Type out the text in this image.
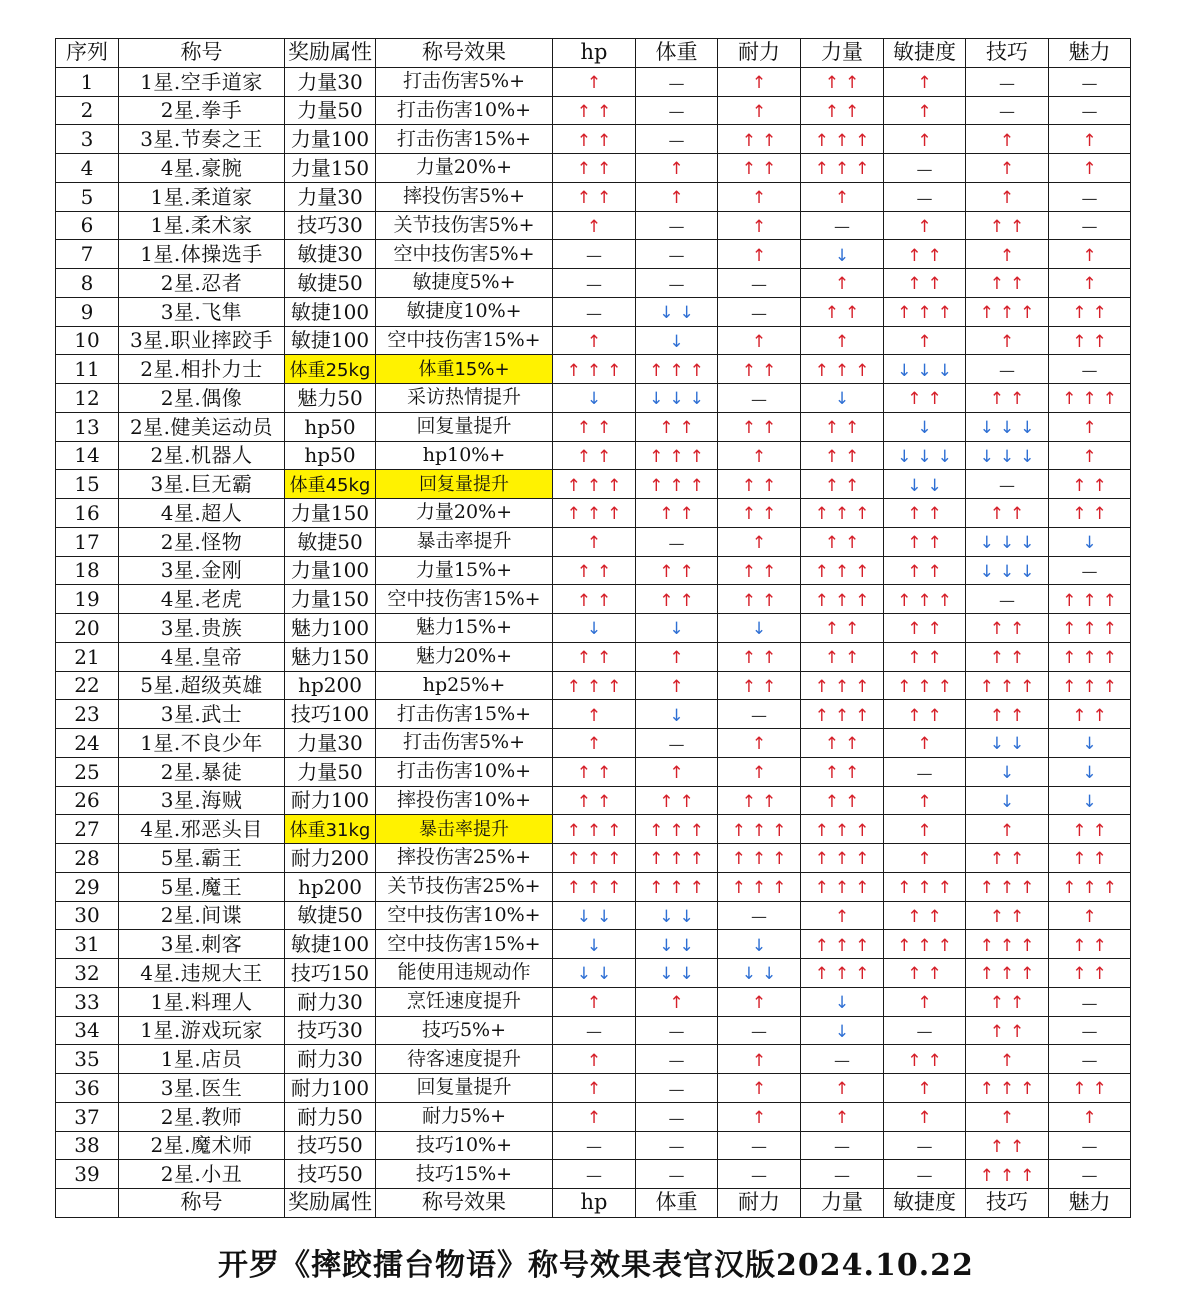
序列	称号	奖励属性	称号效果	hp	体重	耐力	力量	敏捷度	技巧	魅力
1	1星.空手道家	力量30	打击伤害5%+	↑	—	↑	↑ ↑	↑	—	—
2	2星.拳手	力量50	打击伤害10%+	↑ ↑	—	↑	↑ ↑	↑	—	—
3	3星.节奏之王	力量100	打击伤害15%+	↑ ↑	—	↑ ↑	↑ ↑ ↑	↑	↑	↑
4	4星.豪腕	力量150	力量20%+	↑ ↑	↑	↑ ↑	↑ ↑ ↑	—	↑	↑
5	1星.柔道家	力量30	摔投伤害5%+	↑ ↑	↑	↑	↑	—	↑	—
6	1星.柔术家	技巧30	关节技伤害5%+	↑	—	↑	—	↑	↑ ↑	—
7	1星.体操选手	敏捷30	空中技伤害5%+	—	—	↑	↓	↑ ↑	↑	↑
8	2星.忍者	敏捷50	敏捷度5%+	—	—	—	↑	↑ ↑	↑ ↑	↑
9	3星.飞隼	敏捷100	敏捷度10%+	—	↓ ↓	—	↑ ↑	↑ ↑ ↑	↑ ↑ ↑	↑ ↑
10	3星.职业摔跤手	敏捷100	空中技伤害15%+	↑	↓	↑	↑	↑	↑	↑ ↑
11	2星.相扑力士	体重25kg	体重15%+	↑ ↑ ↑	↑ ↑ ↑	↑ ↑	↑ ↑ ↑	↓ ↓ ↓	—	—
12	2星.偶像	魅力50	采访热情提升	↓	↓ ↓ ↓	—	↓	↑ ↑	↑ ↑	↑ ↑ ↑
13	2星.健美运动员	hp50	回复量提升	↑ ↑	↑ ↑	↑ ↑	↑ ↑	↓	↓ ↓ ↓	↑
14	2星.机器人	hp50	hp10%+	↑ ↑	↑ ↑ ↑	↑	↑ ↑	↓ ↓ ↓	↓ ↓ ↓	↑
15	3星.巨无霸	体重45kg	回复量提升	↑ ↑ ↑	↑ ↑ ↑	↑ ↑	↑ ↑	↓ ↓	—	↑ ↑
16	4星.超人	力量150	力量20%+	↑ ↑ ↑	↑ ↑	↑ ↑	↑ ↑ ↑	↑ ↑	↑ ↑	↑ ↑
17	2星.怪物	敏捷50	暴击率提升	↑	—	↑	↑ ↑	↑ ↑	↓ ↓ ↓	↓
18	3星.金刚	力量100	力量15%+	↑ ↑	↑ ↑	↑ ↑	↑ ↑ ↑	↑ ↑	↓ ↓ ↓	—
19	4星.老虎	力量150	空中技伤害15%+	↑ ↑	↑ ↑	↑ ↑	↑ ↑ ↑	↑ ↑ ↑	—	↑ ↑ ↑
20	3星.贵族	魅力100	魅力15%+	↓	↓	↓	↑ ↑	↑ ↑	↑ ↑	↑ ↑ ↑
21	4星.皇帝	魅力150	魅力20%+	↑ ↑	↑	↑ ↑	↑ ↑	↑ ↑	↑ ↑	↑ ↑ ↑
22	5星.超级英雄	hp200	hp25%+	↑ ↑ ↑	↑	↑ ↑	↑ ↑ ↑	↑ ↑ ↑	↑ ↑ ↑	↑ ↑ ↑
23	3星.武士	技巧100	打击伤害15%+	↑	↓	—	↑ ↑ ↑	↑ ↑	↑ ↑	↑ ↑
24	1星.不良少年	力量30	打击伤害5%+	↑	—	↑	↑ ↑	↑	↓ ↓	↓
25	2星.暴徒	力量50	打击伤害10%+	↑ ↑	↑	↑	↑ ↑	—	↓	↓
26	3星.海贼	耐力100	摔投伤害10%+	↑ ↑	↑ ↑	↑ ↑	↑ ↑	↑	↓	↓
27	4星.邪恶头目	体重31kg	暴击率提升	↑ ↑ ↑	↑ ↑ ↑	↑ ↑ ↑	↑ ↑ ↑	↑	↑	↑ ↑
28	5星.霸王	耐力200	摔投伤害25%+	↑ ↑ ↑	↑ ↑ ↑	↑ ↑ ↑	↑ ↑ ↑	↑	↑ ↑	↑ ↑
29	5星.魔王	hp200	关节技伤害25%+	↑ ↑ ↑	↑ ↑ ↑	↑ ↑ ↑	↑ ↑ ↑	↑ ↑ ↑	↑ ↑ ↑	↑ ↑ ↑
30	2星.间谍	敏捷50	空中技伤害10%+	↓ ↓	↓ ↓	—	↑	↑ ↑	↑ ↑	↑
31	3星.刺客	敏捷100	空中技伤害15%+	↓	↓ ↓	↓	↑ ↑ ↑	↑ ↑ ↑	↑ ↑ ↑	↑ ↑
32	4星.违规大王	技巧150	能使用违规动作	↓ ↓	↓ ↓	↓ ↓	↑ ↑ ↑	↑ ↑	↑ ↑ ↑	↑ ↑
33	1星.料理人	耐力30	烹饪速度提升	↑	↑	↑	↓	↑	↑ ↑	—
34	1星.游戏玩家	技巧30	技巧5%+	—	—	—	↓	—	↑ ↑	—
35	1星.店员	耐力30	待客速度提升	↑	—	↑	—	↑ ↑	↑	—
36	3星.医生	耐力100	回复量提升	↑	—	↑	↑	↑	↑ ↑ ↑	↑ ↑
37	2星.教师	耐力50	耐力5%+	↑	—	↑	↑	↑	↑	↑
38	2星.魔术师	技巧50	技巧10%+	—	—	—	—	—	↑ ↑	—
39	2星.小丑	技巧50	技巧15%+	—	—	—	—	—	↑ ↑ ↑	—
	称号	奖励属性	称号效果	hp	体重	耐力	力量	敏捷度	技巧	魅力
开罗《摔跤擂台物语》称号效果表官汉版2024.10.22
